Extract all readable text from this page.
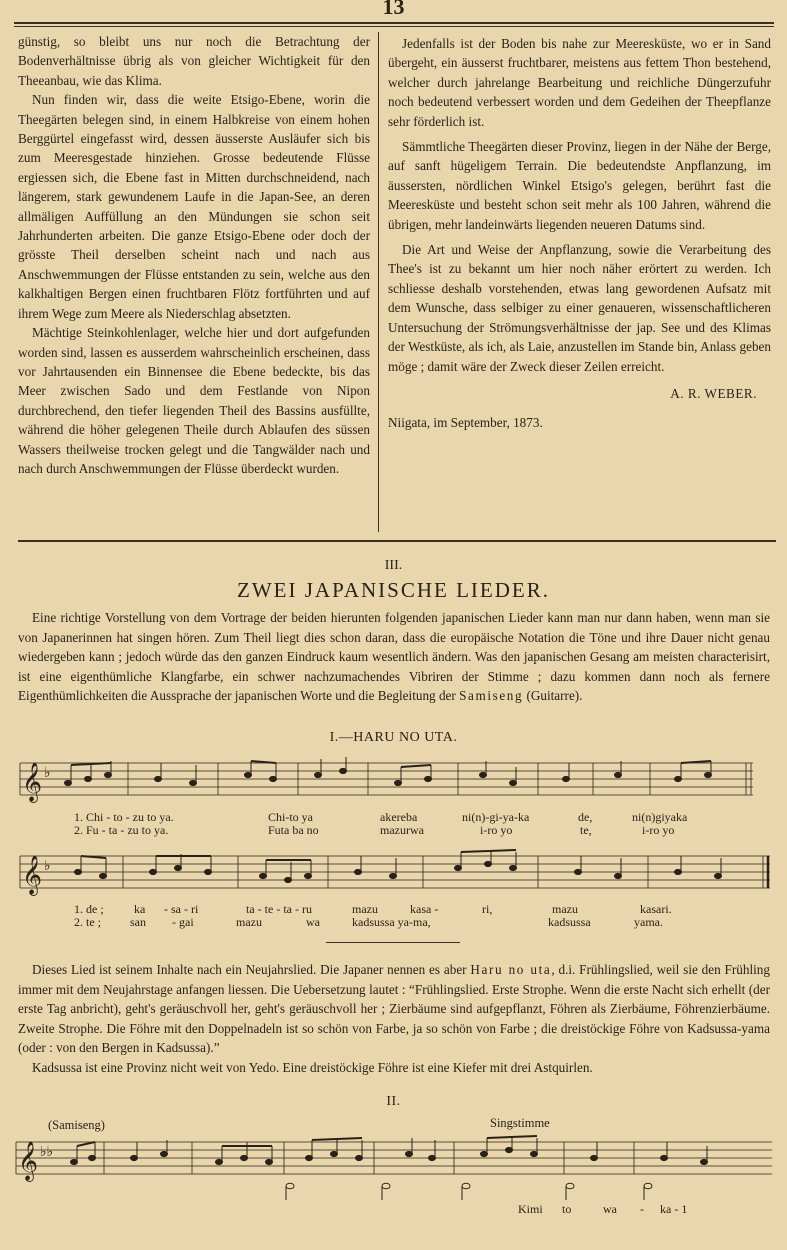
13

günstig, so bleibt uns nur noch die Betrachtung der Bodenverhältnisse übrig als von gleicher Wichtigkeit für den Theeanbau, wie das Klima.

Nun finden wir, dass die weite Etsigo-Ebene, worin die Theegärten belegen sind, in einem Halbkreise von einem hohen Berggürtel eingefasst wird, dessen äusserste Ausläufer sich bis zum Meeresgestade hinziehen. Grosse bedeutende Flüsse ergiessen sich, die Ebene fast in Mitten durchschneidend, nach längerem, stark gewundenem Laufe in die Japan-See, an deren allmäligen Auffüllung an den Mündungen sie schon seit Jahrhunderten arbeiten. Die ganze Etsigo-Ebene oder doch der grösste Theil derselben scheint nach und nach aus Anschwemmungen der Flüsse entstanden zu sein, welche aus den kalkhaltigen Bergen einen fruchtbaren Flötz fortführten und auf ihrem Wege zum Meere als Niederschlag absetzten.

Mächtige Steinkohlenlager, welche hier und dort aufgefunden worden sind, lassen es ausserdem wahrscheinlich erscheinen, dass vor Jahrtausenden ein Binnensee die Ebene bedeckte, bis das Meer zwischen Sado und dem Festlande von Nipon durchbrechend, den tiefer liegenden Theil des Bassins ausfüllte, während die höher gelegenen Theile durch Ablaufen des süssen Wassers theilweise trocken gelegt und die Tangwälder nach und nach durch Anschwemmungen der Flüsse überdeckt wurden.

Jedenfalls ist der Boden bis nahe zur Meeresküste, wo er in Sand übergeht, ein äusserst fruchtbarer, meistens aus fettem Thon bestehend, welcher durch jahrelange Bearbeitung und reichliche Düngerzufuhr noch bedeutend verbessert worden und dem Gedeihen der Theepflanze sehr förderlich ist.

Sämmtliche Theegärten dieser Provinz, liegen in der Nähe der Berge, auf sanft hügeligem Terrain. Die bedeutendste Anpflanzung, im äussersten, nördlichen Winkel Etsigo's gelegen, berührt fast die Meeresküste und besteht schon seit mehr als 100 Jahren, während die übrigen, mehr landeinwärts liegenden neueren Datums sind.

Die Art und Weise der Anpflanzung, sowie die Verarbeitung des Thee's ist zu bekannt um hier noch näher erörtert zu werden. Ich schliesse deshalb vorstehenden, etwas lang gewordenen Aufsatz mit dem Wunsche, dass selbiger zu einer genaueren, wissenschaftlicheren Untersuchung der Strömungsverhältnisse der jap. See und des Klimas der Westküste, als ich, als Laie, anzustellen im Stande bin, Anlass geben möge ; damit wäre der Zweck dieser Zeilen erreicht.

A. R. WEBER.

Niigata, im September, 1873.

III.
ZWEI JAPANISCHE LIEDER.
Eine richtige Vorstellung von dem Vortrage der beiden hierunten folgenden japanischen Lieder kann man nur dann haben, wenn man sie von Japanerinnen hat singen hören. Zum Theil liegt dies schon daran, dass die europäische Notation die Töne und ihre Dauer nicht genau wiedergeben kann ; jedoch würde das den ganzen Eindruck kaum wesentlich ändern. Was den japanischen Gesang am meisten characterisirt, ist eine eigenthümliche Klangfarbe, ein schwer nachzumachendes Vibriren der Stimme ; dazu kommen dann noch als fernere Eigenthümlichkeiten die Aussprache der japanischen Worte und die Begleitung der Samiseng (Guitarre).
I.—HARU NO UTA.
𝄞 ♭
1. Chi - to - zu to ya.	Chi-to ya	akereba	ni(n)-gi-ya-ka	de,	ni(n)giyaka
2. Fu - ta - zu to ya.	Futa ba no	mazurwa	i-ro yo	te,	i-ro yo
𝄞 ♭
1. de ;	ka - sa - ri	ta - te - ta - ru	mazu	kasa -	ri,	mazu	kasari.
2. te ; san - gai	mazu	wa	kadsussa ya-ma,	kadsussa	yama.
Dieses Lied ist seinem Inhalte nach ein Neujahrslied. Die Japaner nennen es aber Haru no uta, d.i. Frühlingslied, weil sie den Frühling immer mit dem Neujahrstage anfangen liessen. Die Uebersetzung lautet : “Frühlingslied. Erste Strophe. Wenn die erste Nacht sich erhellt (der erste Tag anbricht), geht's geräuschvoll her, geht's geräuschvoll her ; Zierbäume sind aufgepflanzt, Föhren als Zierbäume, Föhrenzierbäume. Zweite Strophe. Die Föhre mit den Doppelnadeln ist so schön von Farbe, ja so schön von Farbe ; die dreistöckige Föhre von Kadsussa-yama (oder : von den Bergen in Kadsussa).”
Kadsussa ist eine Provinz nicht weit von Yedo. Eine dreistöckige Föhre ist eine Kiefer mit drei Astquirlen.
II.
(Samiseng)	Singstimme
𝄞 ♭♭
Kimi to	wa - ka - 1
